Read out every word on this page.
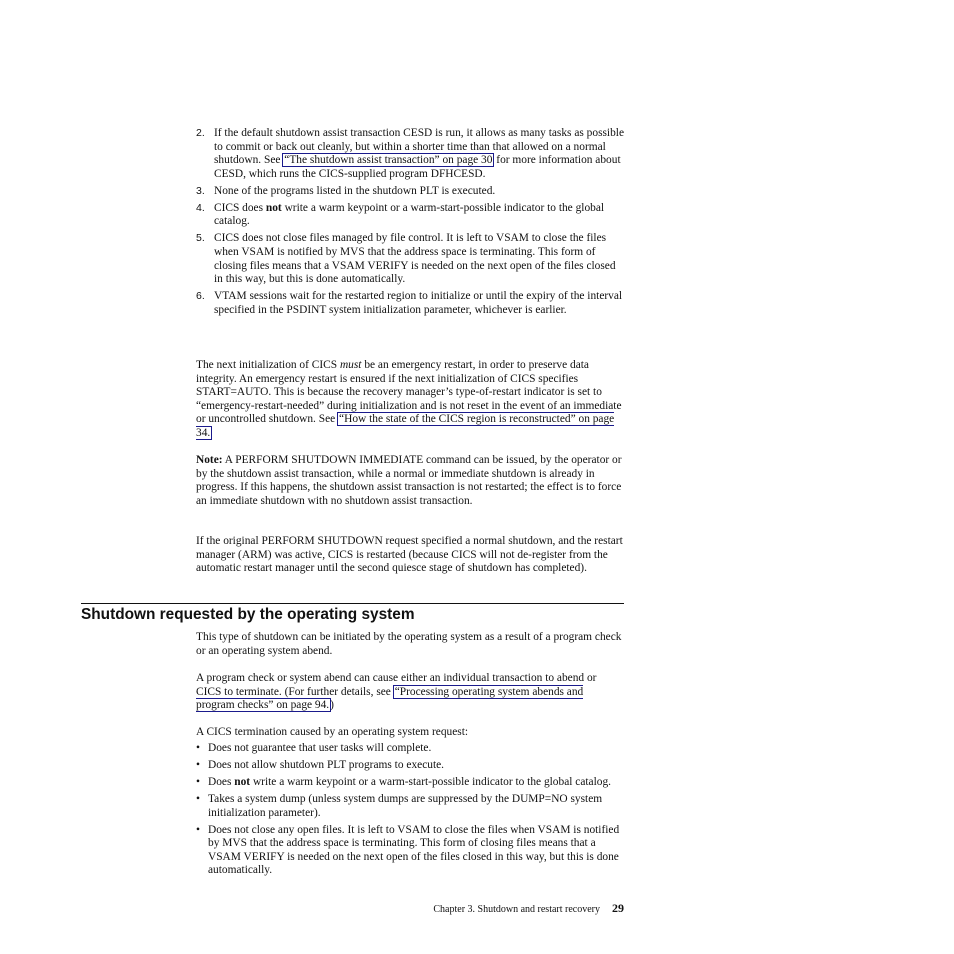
2. If the default shutdown assist transaction CESD is run, it allows as many tasks as possible to commit or back out cleanly, but within a shorter time than that allowed on a normal shutdown. See “The shutdown assist transaction” on page 30 for more information about CESD, which runs the CICS-supplied program DFHCESD.
3. None of the programs listed in the shutdown PLT is executed.
4. CICS does not write a warm keypoint or a warm-start-possible indicator to the global catalog.
5. CICS does not close files managed by file control. It is left to VSAM to close the files when VSAM is notified by MVS that the address space is terminating. This form of closing files means that a VSAM VERIFY is needed on the next open of the files closed in this way, but this is done automatically.
6. VTAM sessions wait for the restarted region to initialize or until the expiry of the interval specified in the PSDINT system initialization parameter, whichever is earlier.

The next initialization of CICS must be an emergency restart, in order to preserve data integrity. An emergency restart is ensured if the next initialization of CICS specifies START=AUTO. This is because the recovery manager’s type-of-restart indicator is set to “emergency-restart-needed” during initialization and is not reset in the event of an immediate or uncontrolled shutdown. See “How the state of the CICS region is reconstructed” on page 34.

Note: A PERFORM SHUTDOWN IMMEDIATE command can be issued, by the operator or by the shutdown assist transaction, while a normal or immediate shutdown is already in progress. If this happens, the shutdown assist transaction is not restarted; the effect is to force an immediate shutdown with no shutdown assist transaction.

If the original PERFORM SHUTDOWN request specified a normal shutdown, and the restart manager (ARM) was active, CICS is restarted (because CICS will not de-register from the automatic restart manager until the second quiesce stage of shutdown has completed).

Shutdown requested by the operating system

This type of shutdown can be initiated by the operating system as a result of a program check or an operating system abend.

A program check or system abend can cause either an individual transaction to abend or CICS to terminate. (For further details, see “Processing operating system abends and program checks” on page 94.)

A CICS termination caused by an operating system request:

• Does not guarantee that user tasks will complete.
• Does not allow shutdown PLT programs to execute.
• Does not write a warm keypoint or a warm-start-possible indicator to the global catalog.
• Takes a system dump (unless system dumps are suppressed by the DUMP=NO system initialization parameter).
• Does not close any open files. It is left to VSAM to close the files when VSAM is notified by MVS that the address space is terminating. This form of closing files means that a VSAM VERIFY is needed on the next open of the files closed in this way, but this is done automatically.
Chapter 3. Shutdown and restart recovery 29
